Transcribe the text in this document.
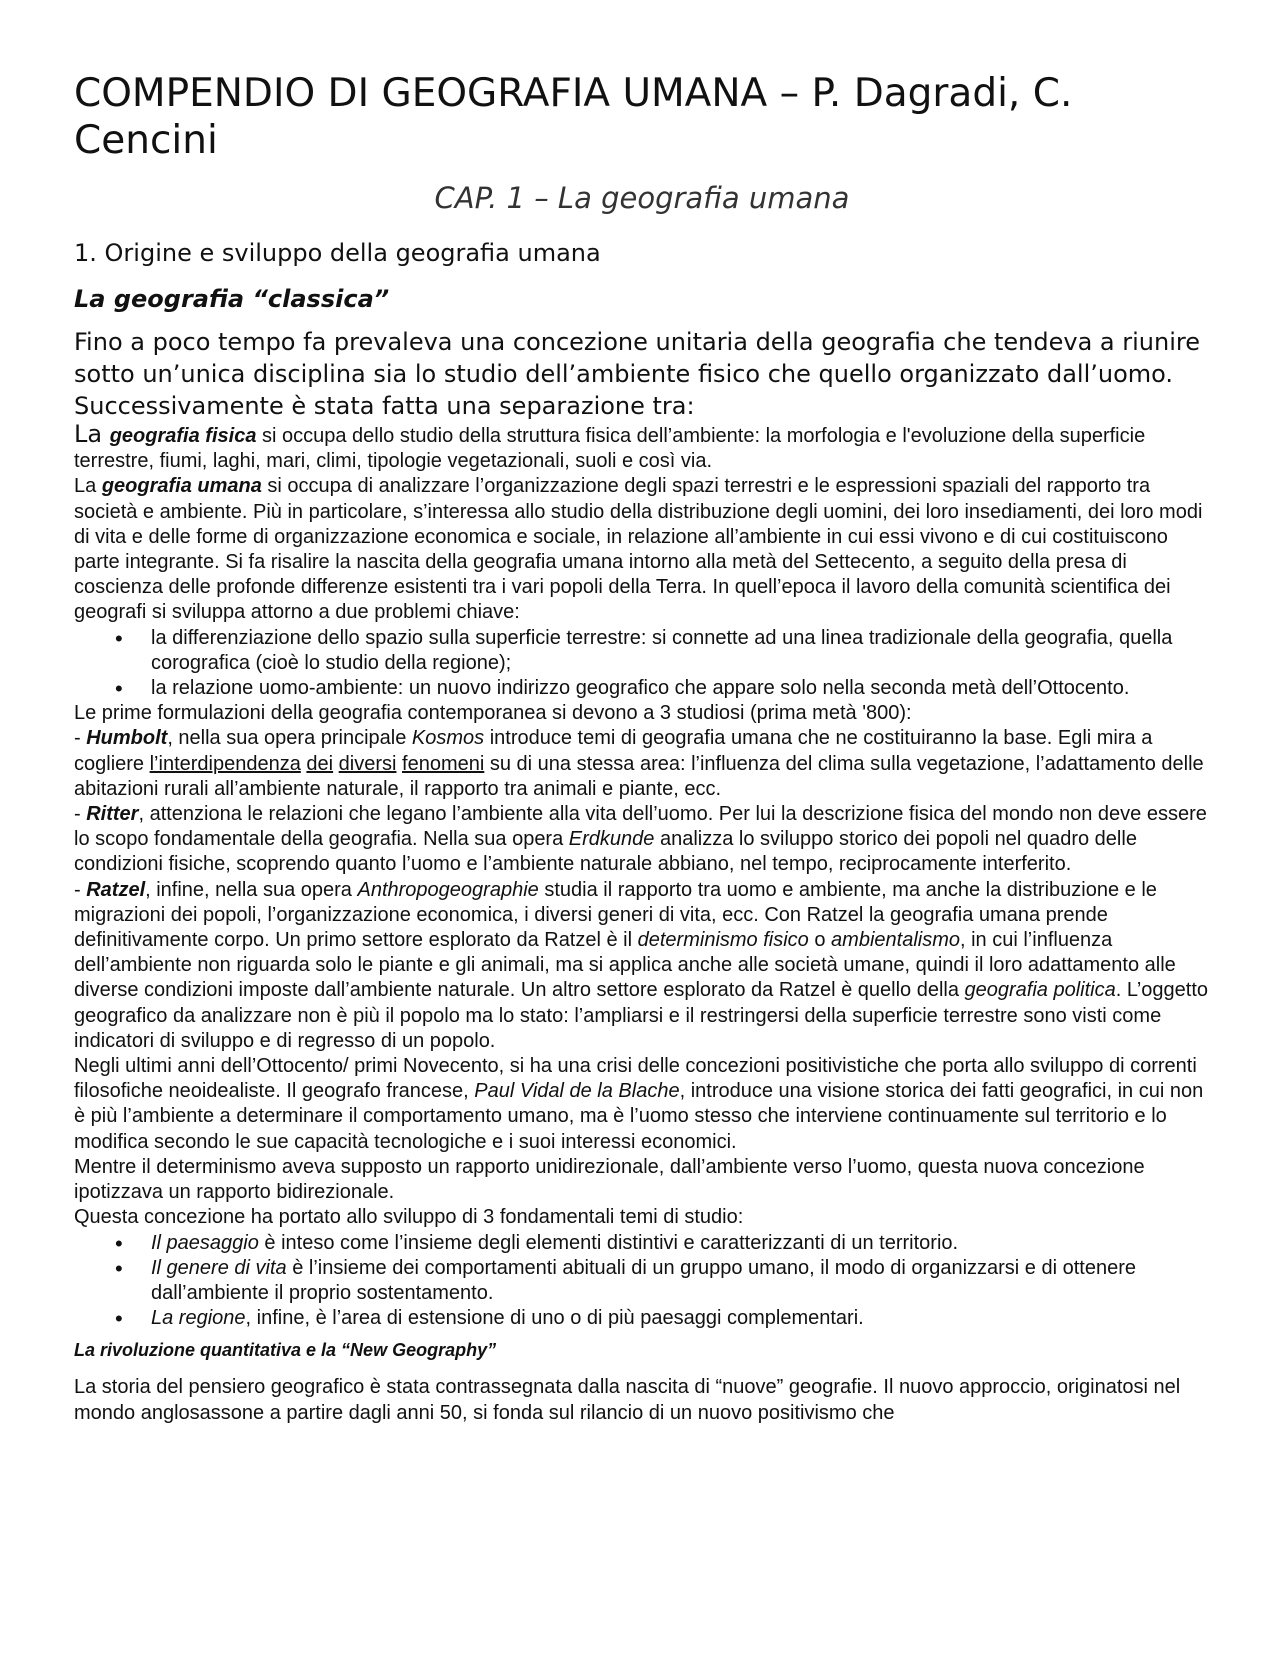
COMPENDIO DI GEOGRAFIA UMANA – P. Dagradi, C. Cencini
CAP. 1 – La geografia umana
1. Origine e sviluppo della geografia umana
La geografia “classica”

Fino a poco tempo fa prevaleva una concezione unitaria della geografia che tendeva a riunire sotto un’unica disciplina sia lo studio dell’ambiente fisico che quello organizzato dall’uomo. Successivamente è stata fatta una separazione tra:

La geografia fisica si occupa dello studio della struttura fisica dell’ambiente: la morfologia e l'evoluzione della superficie terrestre, fiumi, laghi, mari, climi, tipologie vegetazionali, suoli e così via.

La geografia umana si occupa di analizzare l’organizzazione degli spazi terrestri e le espressioni spaziali del rapporto tra società e ambiente. Più in particolare, s’interessa allo studio della distribuzione degli uomini, dei loro insediamenti, dei loro modi di vita e delle forme di organizzazione economica e sociale, in relazione all’ambiente in cui essi vivono e di cui costituiscono parte integrante. Si fa risalire la nascita della geografia umana intorno alla metà del Settecento, a seguito della presa di coscienza delle profonde differenze esistenti tra i vari popoli della Terra. In quell’epoca il lavoro della comunità scientifica dei geografi si sviluppa attorno a due problemi chiave:

• la differenziazione dello spazio sulla superficie terrestre: si connette ad una linea tradizionale della geografia, quella corografica (cioè lo studio della regione);
• la relazione uomo-ambiente: un nuovo indirizzo geografico che appare solo nella seconda metà dell’Ottocento.

Le prime formulazioni della geografia contemporanea si devono a 3 studiosi (prima metà '800):

- Humbolt, nella sua opera principale Kosmos introduce temi di geografia umana che ne costituiranno la base. Egli mira a cogliere l’interdipendenza dei diversi fenomeni su di una stessa area: l’influenza del clima sulla vegetazione, l’adattamento delle abitazioni rurali all’ambiente naturale, il rapporto tra animali e piante, ecc.

- Ritter, attenziona le relazioni che legano l’ambiente alla vita dell’uomo. Per lui la descrizione fisica del mondo non deve essere lo scopo fondamentale della geografia. Nella sua opera Erdkunde analizza lo sviluppo storico dei popoli nel quadro delle condizioni fisiche, scoprendo quanto l’uomo e l’ambiente naturale abbiano, nel tempo, reciprocamente interferito.

- Ratzel, infine, nella sua opera Anthropogeographie studia il rapporto tra uomo e ambiente, ma anche la distribuzione e le migrazioni dei popoli, l’organizzazione economica, i diversi generi di vita, ecc. Con Ratzel la geografia umana prende definitivamente corpo. Un primo settore esplorato da Ratzel è il determinismo fisico o ambientalismo, in cui l’influenza dell’ambiente non riguarda solo le piante e gli animali, ma si applica anche alle società umane, quindi il loro adattamento alle diverse condizioni imposte dall’ambiente naturale. Un altro settore esplorato da Ratzel è quello della geografia politica. L’oggetto geografico da analizzare non è più il popolo ma lo stato: l’ampliarsi e il restringersi della superficie terrestre sono visti come indicatori di sviluppo e di regresso di un popolo.

Negli ultimi anni dell’Ottocento/ primi Novecento, si ha una crisi delle concezioni positivistiche che porta allo sviluppo di correnti filosofiche neoidealiste. Il geografo francese, Paul Vidal de la Blache, introduce una visione storica dei fatti geografici, in cui non è più l’ambiente a determinare il comportamento umano, ma è l’uomo stesso che interviene continuamente sul territorio e lo modifica secondo le sue capacità tecnologiche e i suoi interessi economici.

Mentre il determinismo aveva supposto un rapporto unidirezionale, dall’ambiente verso l’uomo, questa nuova concezione ipotizzava un rapporto bidirezionale.

Questa concezione ha portato allo sviluppo di 3 fondamentali temi di studio:

• Il paesaggio è inteso come l’insieme degli elementi distintivi e caratterizzanti di un territorio.
• Il genere di vita è l’insieme dei comportamenti abituali di un gruppo umano, il modo di organizzarsi e di ottenere dall’ambiente il proprio sostentamento.
• La regione, infine, è l’area di estensione di uno o di più paesaggi complementari.
La rivoluzione quantitativa e la “New Geography”

La storia del pensiero geografico è stata contrassegnata dalla nascita di “nuove” geografie. Il nuovo approccio, originatosi nel mondo anglosassone a partire dagli anni 50, si fonda sul rilancio di un nuovo positivismo che
